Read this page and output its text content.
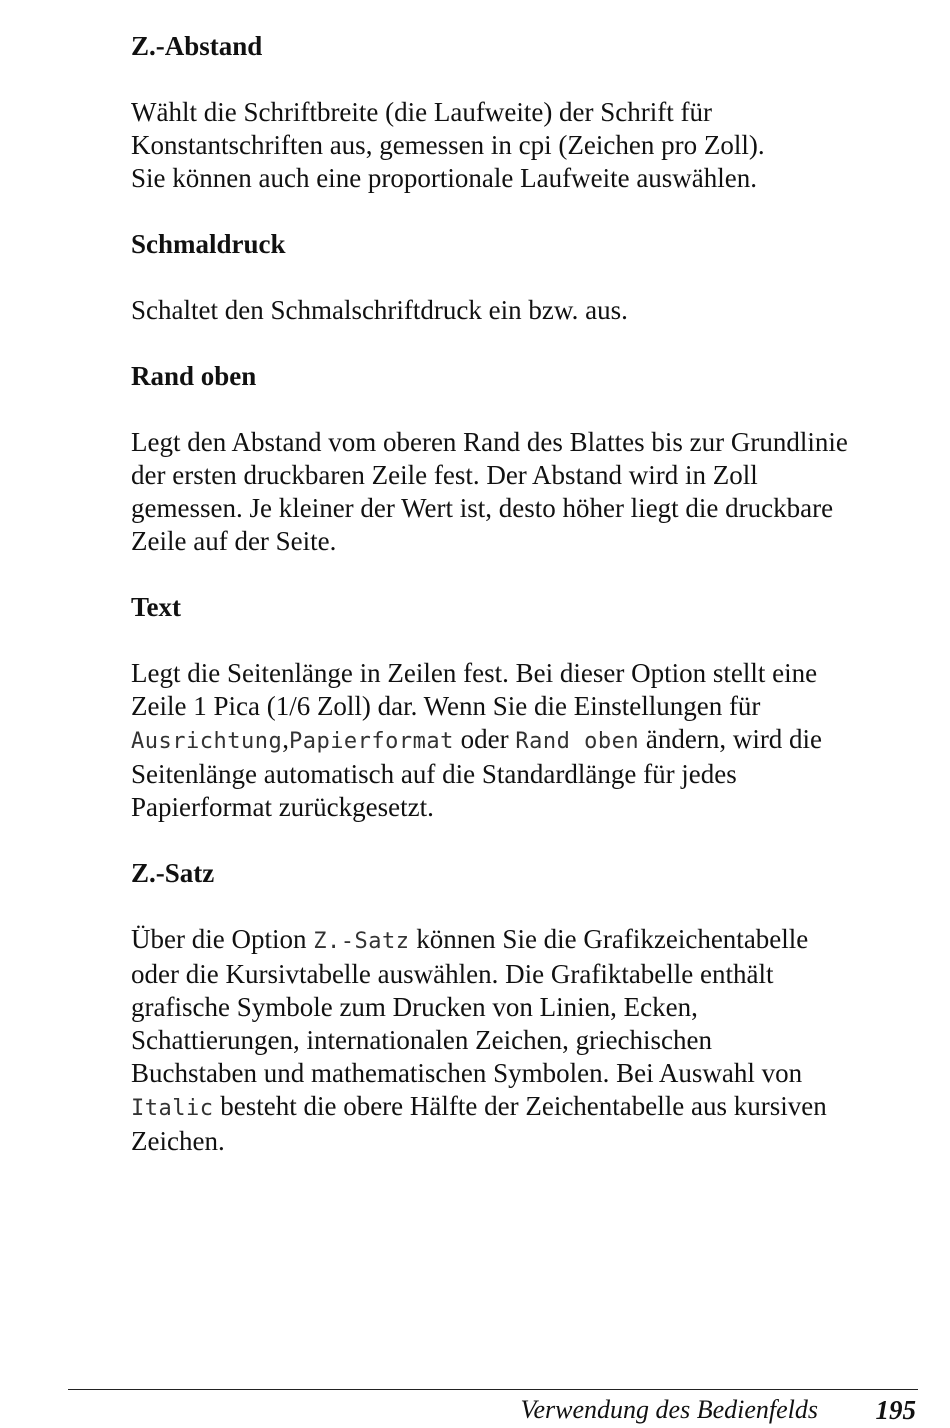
Z.-Abstand
Wählt die Schriftbreite (die Laufweite) der Schrift für
Konstantschriften aus, gemessen in cpi (Zeichen pro Zoll).
Sie können auch eine proportionale Laufweite auswählen.
Schmaldruck
Schaltet den Schmalschriftdruck ein bzw. aus.
Rand oben
Legt den Abstand vom oberen Rand des Blattes bis zur Grundlinie
der ersten druckbaren Zeile fest. Der Abstand wird in Zoll
gemessen. Je kleiner der Wert ist, desto höher liegt die druckbare
Zeile auf der Seite.
Text
Legt die Seitenlänge in Zeilen fest. Bei dieser Option stellt eine
Zeile 1 Pica (1/6 Zoll) dar. Wenn Sie die Einstellungen für
Ausrichtung,Papierformat oder Rand oben ändern, wird die
Seitenlänge automatisch auf die Standardlänge für jedes
Papierformat zurückgesetzt.
Z.-Satz
Über die Option Z.-Satz können Sie die Grafikzeichentabelle
oder die Kursivtabelle auswählen. Die Grafiktabelle enthält
grafische Symbole zum Drucken von Linien, Ecken,
Schattierungen, internationalen Zeichen, griechischen
Buchstaben und mathematischen Symbolen. Bei Auswahl von
Italic besteht die obere Hälfte der Zeichentabelle aus kursiven
Zeichen.
Verwendung des Bedienfelds 195
